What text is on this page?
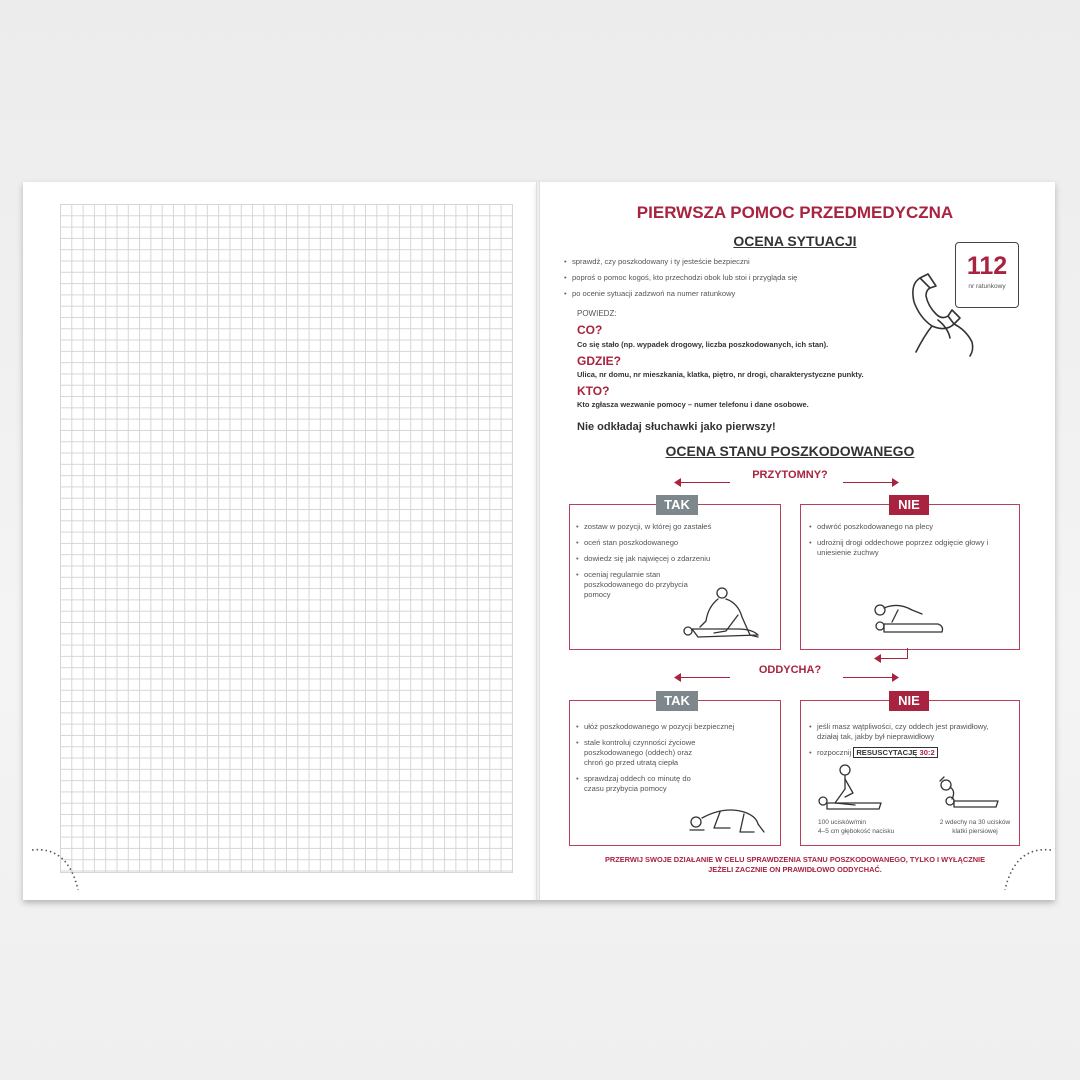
PIERWSZA POMOC PRZEDMEDYCZNA
OCENA SYTUACJI
• sprawdź, czy poszkodowany i ty jesteście bezpieczni
• poproś o pomoc kogoś, kto przechodzi obok lub stoi i przygląda się
• po ocenie sytuacji zadzwoń na numer ratunkowy
112
nr ratunkowy
POWIEDZ:
CO?
Co się stało (np. wypadek drogowy, liczba poszkodowanych, ich stan).
GDZIE?
Ulica, nr domu, nr mieszkania, klatka, piętro, nr drogi, charakterystyczne punkty.
KTO?
Kto zgłasza wezwanie pomocy – numer telefonu i dane osobowe.
Nie odkładaj słuchawki jako pierwszy!
OCENA STANU POSZKODOWANEGO
PRZYTOMNY?
TAK
• zostaw w pozycji, w której go zastałeś
• oceń stan poszkodowanego
• dowiedz się jak najwięcej o zdarzeniu
• oceniaj regularnie stan poszkodowanego do przybycia pomocy
NIE
• odwróć poszkodowanego na plecy
• udrożnij drogi oddechowe poprzez odgięcie głowy i uniesienie żuchwy
ODDYCHA?
TAK
• ułóż poszkodowanego w pozycji bezpiecznej
• stale kontroluj czynności życiowe poszkodowanego (oddech) oraz chroń go przed utratą ciepła
• sprawdzaj oddech co minutę do czasu przybycia pomocy
NIE
• jeśli masz wątpliwości, czy oddech jest prawidłowy, działaj tak, jakby był nieprawidłowy
• rozpocznij RESUSCYTACJĘ 30:2
100 ucisków/min
4–5 cm głębokość nacisku
2 wdechy na 30 ucisków
klatki piersiowej
PRZERWIJ SWOJE DZIAŁANIE W CELU SPRAWDZENIA STANU POSZKODOWANEGO, TYLKO I WYŁĄCZNIE
JEŻELI ZACZNIE ON PRAWIDŁOWO ODDYCHAĆ.
